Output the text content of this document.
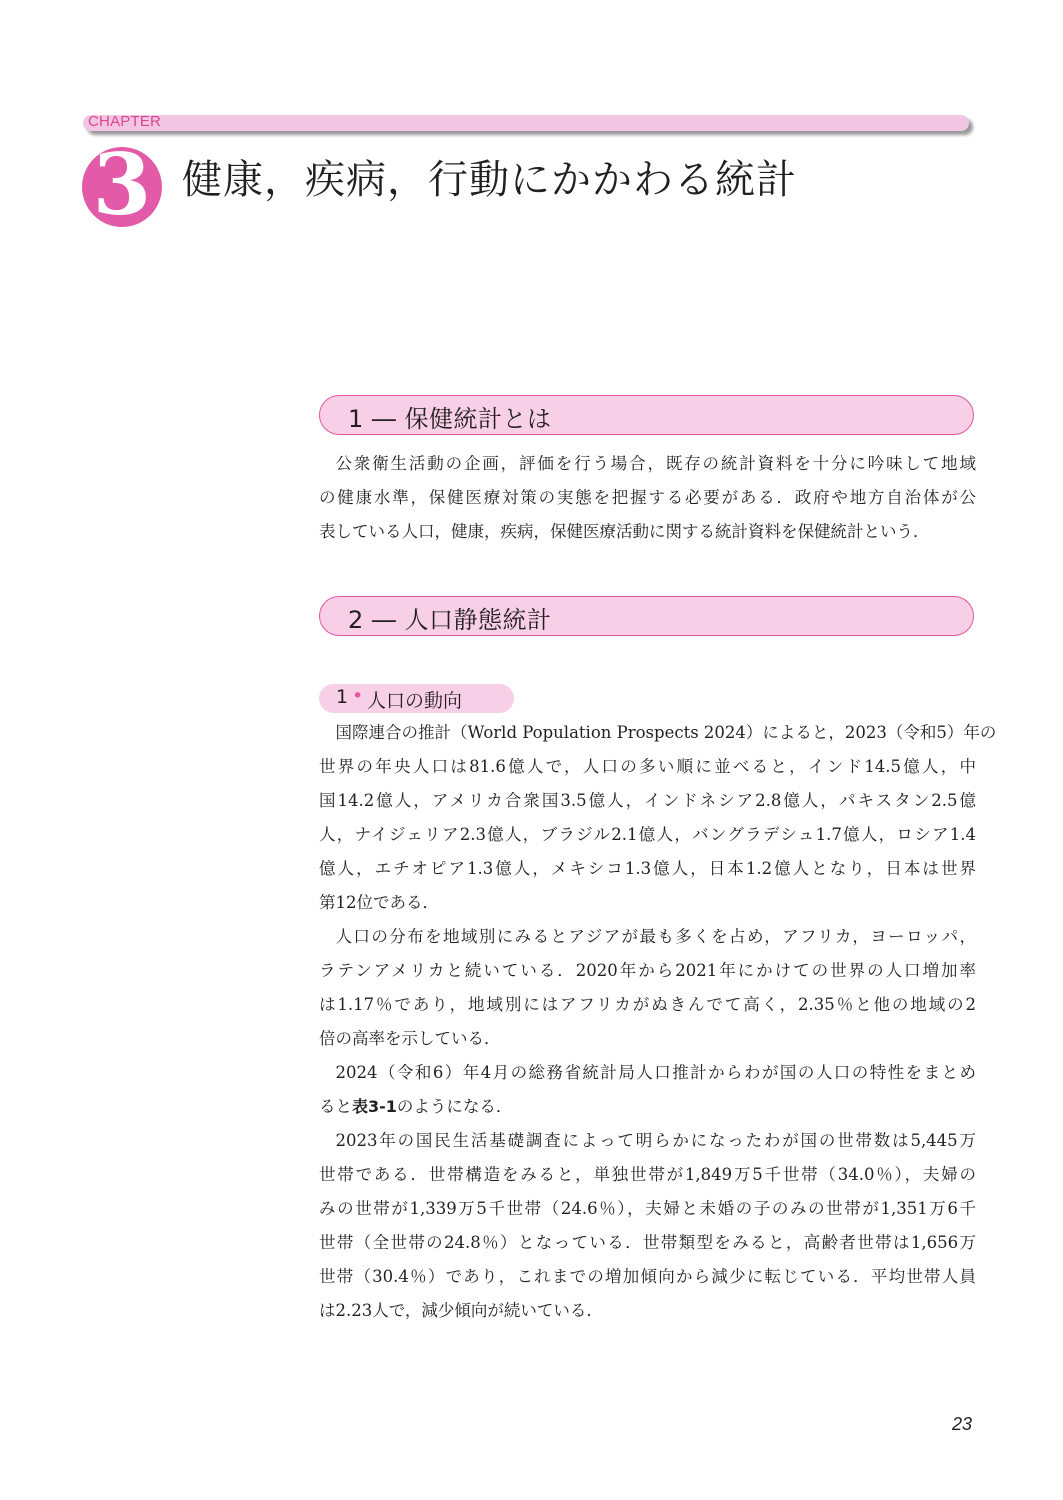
CHAPTER
3 健康，疾病，行動にかかわる統計
1 ― 保健統計とは
公衆衛生活動の企画，評価を行う場合，既存の統計資料を十分に吟味して地域
の健康水準，保健医療対策の実態を把握する必要がある．政府や地方自治体が公
表している人口，健康，疾病，保健医療活動に関する統計資料を保健統計という．
2 ― 人口静態統計
1 • 人口の動向
国際連合の推計（World Population Prospects 2024）によると，2023（令和5）年の
世界の年央人口は81.6億人で，人口の多い順に並べると，インド14.5億人，中
国14.2億人，アメリカ合衆国3.5億人，インドネシア2.8億人，パキスタン2.5億
人，ナイジェリア2.3億人，ブラジル2.1億人，バングラデシュ1.7億人，ロシア1.4
億人，エチオピア1.3億人，メキシコ1.3億人，日本1.2億人となり，日本は世界
第12位である．
人口の分布を地域別にみるとアジアが最も多くを占め，アフリカ，ヨーロッパ，
ラテンアメリカと続いている．2020年から2021年にかけての世界の人口増加率
は1.17％であり，地域別にはアフリカがぬきんでて高く，2.35％と他の地域の2
倍の高率を示している．
2024（令和6）年4月の総務省統計局人口推計からわが国の人口の特性をまとめ
ると表3-1のようになる．
2023年の国民生活基礎調査によって明らかになったわが国の世帯数は5,445万
世帯である．世帯構造をみると，単独世帯が1,849万5千世帯（34.0％），夫婦の
みの世帯が1,339万5千世帯（24.6％），夫婦と未婚の子のみの世帯が1,351万6千
世帯（全世帯の24.8％）となっている．世帯類型をみると，高齢者世帯は1,656万
世帯（30.4％）であり，これまでの増加傾向から減少に転じている．平均世帯人員
は2.23人で，減少傾向が続いている．
23
